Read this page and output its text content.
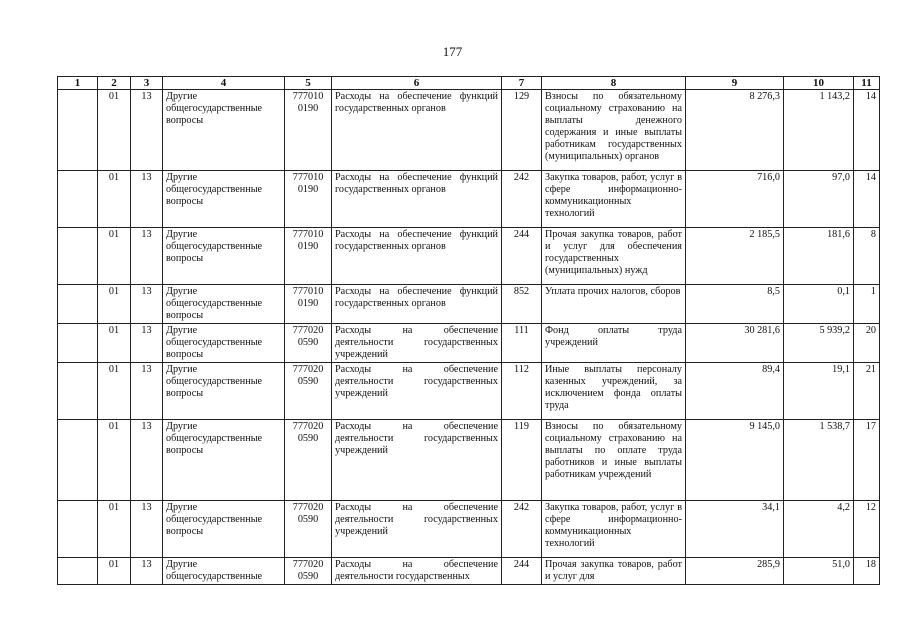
177
1	2	3	4	5	6	7	8	9	10	11
	01	13	Другие общегосударственные вопросы	777010 0190	Расходы на обеспечение функций государственных органов	129	Взносы по обязательному социальному страхованию на выплаты денежного содержания и иные выплаты работникам государственных (муниципальных) органов	8 276,3	1 143,2	14
	01	13	Другие общегосударственные вопросы	777010 0190	Расходы на обеспечение функций государственных органов	242	Закупка товаров, работ, услуг в сфере информационно-коммуникационных технологий	716,0	97,0	14
	01	13	Другие общегосударственные вопросы	777010 0190	Расходы на обеспечение функций государственных органов	244	Прочая закупка товаров, работ и услуг для обеспечения государственных (муниципальных) нужд	2 185,5	181,6	8
	01	13	Другие общегосударственные вопросы	777010 0190	Расходы на обеспечение функций государственных органов	852	Уплата прочих налогов, сборов	8,5	0,1	1
	01	13	Другие общегосударственные вопросы	777020 0590	Расходы на обеспечение деятельности государственных учреждений	111	Фонд оплаты труда учреждений	30 281,6	5 939,2	20
	01	13	Другие общегосударственные вопросы	777020 0590	Расходы на обеспечение деятельности государственных учреждений	112	Иные выплаты персоналу казенных учреждений, за исключением фонда оплаты труда	89,4	19,1	21
	01	13	Другие общегосударственные вопросы	777020 0590	Расходы на обеспечение деятельности государственных учреждений	119	Взносы по обязательному социальному страхованию на выплаты по оплате труда работников и иные выплаты работникам учреждений	9 145,0	1 538,7	17
	01	13	Другие общегосударственные вопросы	777020 0590	Расходы на обеспечение деятельности государственных учреждений	242	Закупка товаров, работ, услуг в сфере информационно-коммуникационных технологий	34,1	4,2	12
	01	13	Другие общегосударственные	777020 0590	Расходы на обеспечение деятельности государственных	244	Прочая закупка товаров, работ и услуг для	285,9	51,0	18
